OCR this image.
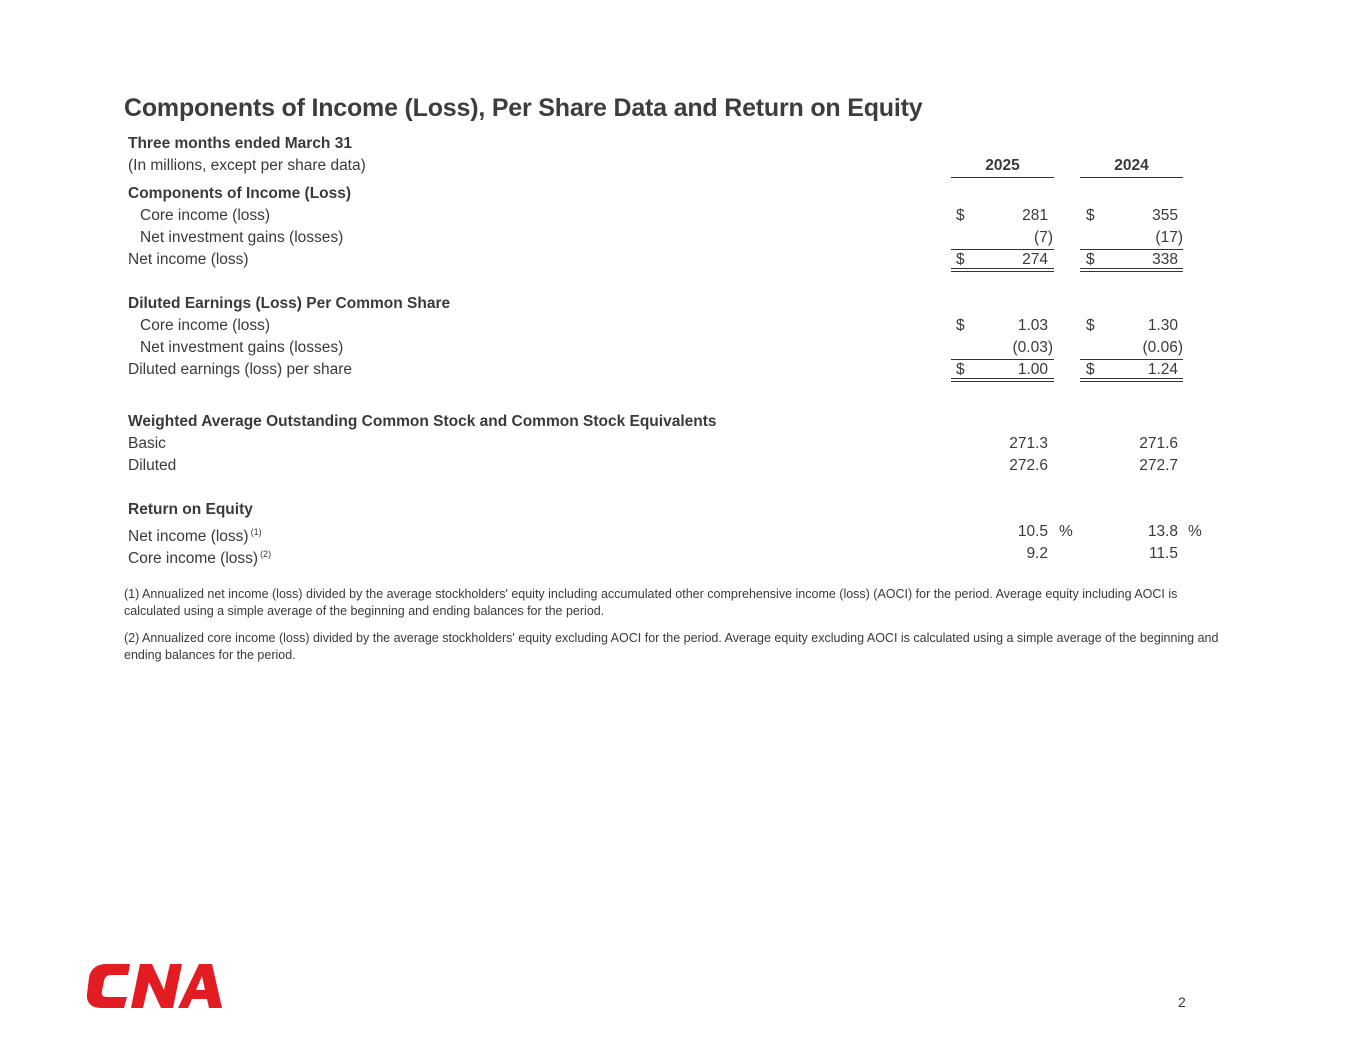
Components of Income (Loss), Per Share Data and Return on Equity
Three months ended March 31
(In millions, except per share data)	2025	2024
Components of Income (Loss)
Core income (loss)	$	281 $	355
Net investment gains (losses)	(7)	(17)
Net income (loss)	$	274 $	338
Diluted Earnings (Loss) Per Common Share
Core income (loss)	$	1.03 $	1.30
Net investment gains (losses)	(0.03)	(0.06)
Diluted earnings (loss) per share	$	1.00 $	1.24
Weighted Average Outstanding Common Stock and Common Stock Equivalents
Basic	271.3	271.6
Diluted	272.6	272.7
Return on Equity
Net income (loss) $^{(1)}$	10.5 %	13.8 %
Core income (loss) $^{(2)}$	9.2	11.5

(1) Annualized net income (loss) divided by the average stockholders' equity including accumulated other comprehensive income (loss) (AOCI) for the period. Average equity including AOCI is calculated using a simple average of the beginning and ending balances for the period.

(2) Annualized core income (loss) divided by the average stockholders' equity excluding AOCI for the period. Average equity excluding AOCI is calculated using a simple average of the beginning and ending balances for the period.

2
